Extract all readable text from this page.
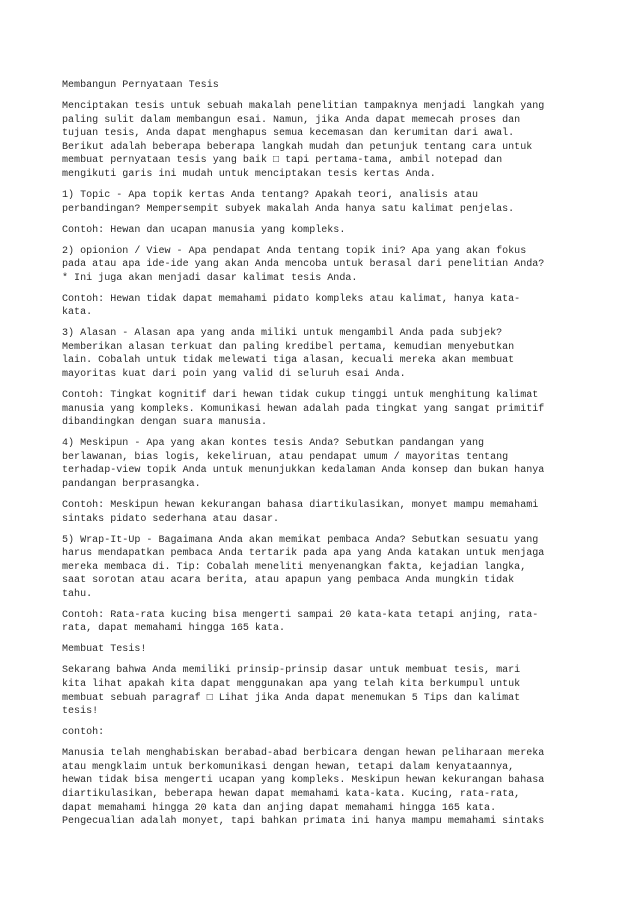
Membangun Pernyataan Tesis
Menciptakan tesis untuk sebuah makalah penelitian tampaknya menjadi langkah yang
paling sulit dalam membangun esai. Namun, jika Anda dapat memecah proses dan
tujuan tesis, Anda dapat menghapus semua kecemasan dan kerumitan dari awal.
Berikut adalah beberapa beberapa langkah mudah dan petunjuk tentang cara untuk
membuat pernyataan tesis yang baik □ tapi pertama-tama, ambil notepad dan
mengikuti garis ini mudah untuk menciptakan tesis kertas Anda.
1) Topic - Apa topik kertas Anda tentang? Apakah teori, analisis atau
perbandingan? Mempersempit subyek makalah Anda hanya satu kalimat penjelas.
Contoh: Hewan dan ucapan manusia yang kompleks.
2) opionion / View - Apa pendapat Anda tentang topik ini? Apa yang akan fokus
pada atau apa ide-ide yang akan Anda mencoba untuk berasal dari penelitian Anda?
* Ini juga akan menjadi dasar kalimat tesis Anda.
Contoh: Hewan tidak dapat memahami pidato kompleks atau kalimat, hanya kata-
kata.
3) Alasan - Alasan apa yang anda miliki untuk mengambil Anda pada subjek?
Memberikan alasan terkuat dan paling kredibel pertama, kemudian menyebutkan
lain. Cobalah untuk tidak melewati tiga alasan, kecuali mereka akan membuat
mayoritas kuat dari poin yang valid di seluruh esai Anda.
Contoh: Tingkat kognitif dari hewan tidak cukup tinggi untuk menghitung kalimat
manusia yang kompleks. Komunikasi hewan adalah pada tingkat yang sangat primitif
dibandingkan dengan suara manusia.
4) Meskipun - Apa yang akan kontes tesis Anda? Sebutkan pandangan yang
berlawanan, bias logis, kekeliruan, atau pendapat umum / mayoritas tentang
terhadap-view topik Anda untuk menunjukkan kedalaman Anda konsep dan bukan hanya
pandangan berprasangka.
Contoh: Meskipun hewan kekurangan bahasa diartikulasikan, monyet mampu memahami
sintaks pidato sederhana atau dasar.
5) Wrap-It-Up - Bagaimana Anda akan memikat pembaca Anda? Sebutkan sesuatu yang
harus mendapatkan pembaca Anda tertarik pada apa yang Anda katakan untuk menjaga
mereka membaca di. Tip: Cobalah meneliti menyenangkan fakta, kejadian langka,
saat sorotan atau acara berita, atau apapun yang pembaca Anda mungkin tidak
tahu.
Contoh: Rata-rata kucing bisa mengerti sampai 20 kata-kata tetapi anjing, rata-
rata, dapat memahami hingga 165 kata.
Membuat Tesis!
Sekarang bahwa Anda memiliki prinsip-prinsip dasar untuk membuat tesis, mari
kita lihat apakah kita dapat menggunakan apa yang telah kita berkumpul untuk
membuat sebuah paragraf □ Lihat jika Anda dapat menemukan 5 Tips dan kalimat
tesis!
contoh:
Manusia telah menghabiskan berabad-abad berbicara dengan hewan peliharaan mereka
atau mengklaim untuk berkomunikasi dengan hewan, tetapi dalam kenyataannya,
hewan tidak bisa mengerti ucapan yang kompleks. Meskipun hewan kekurangan bahasa
diartikulasikan, beberapa hewan dapat memahami kata-kata. Kucing, rata-rata,
dapat memahami hingga 20 kata dan anjing dapat memahami hingga 165 kata.
Pengecualian adalah monyet, tapi bahkan primata ini hanya mampu memahami sintaks
